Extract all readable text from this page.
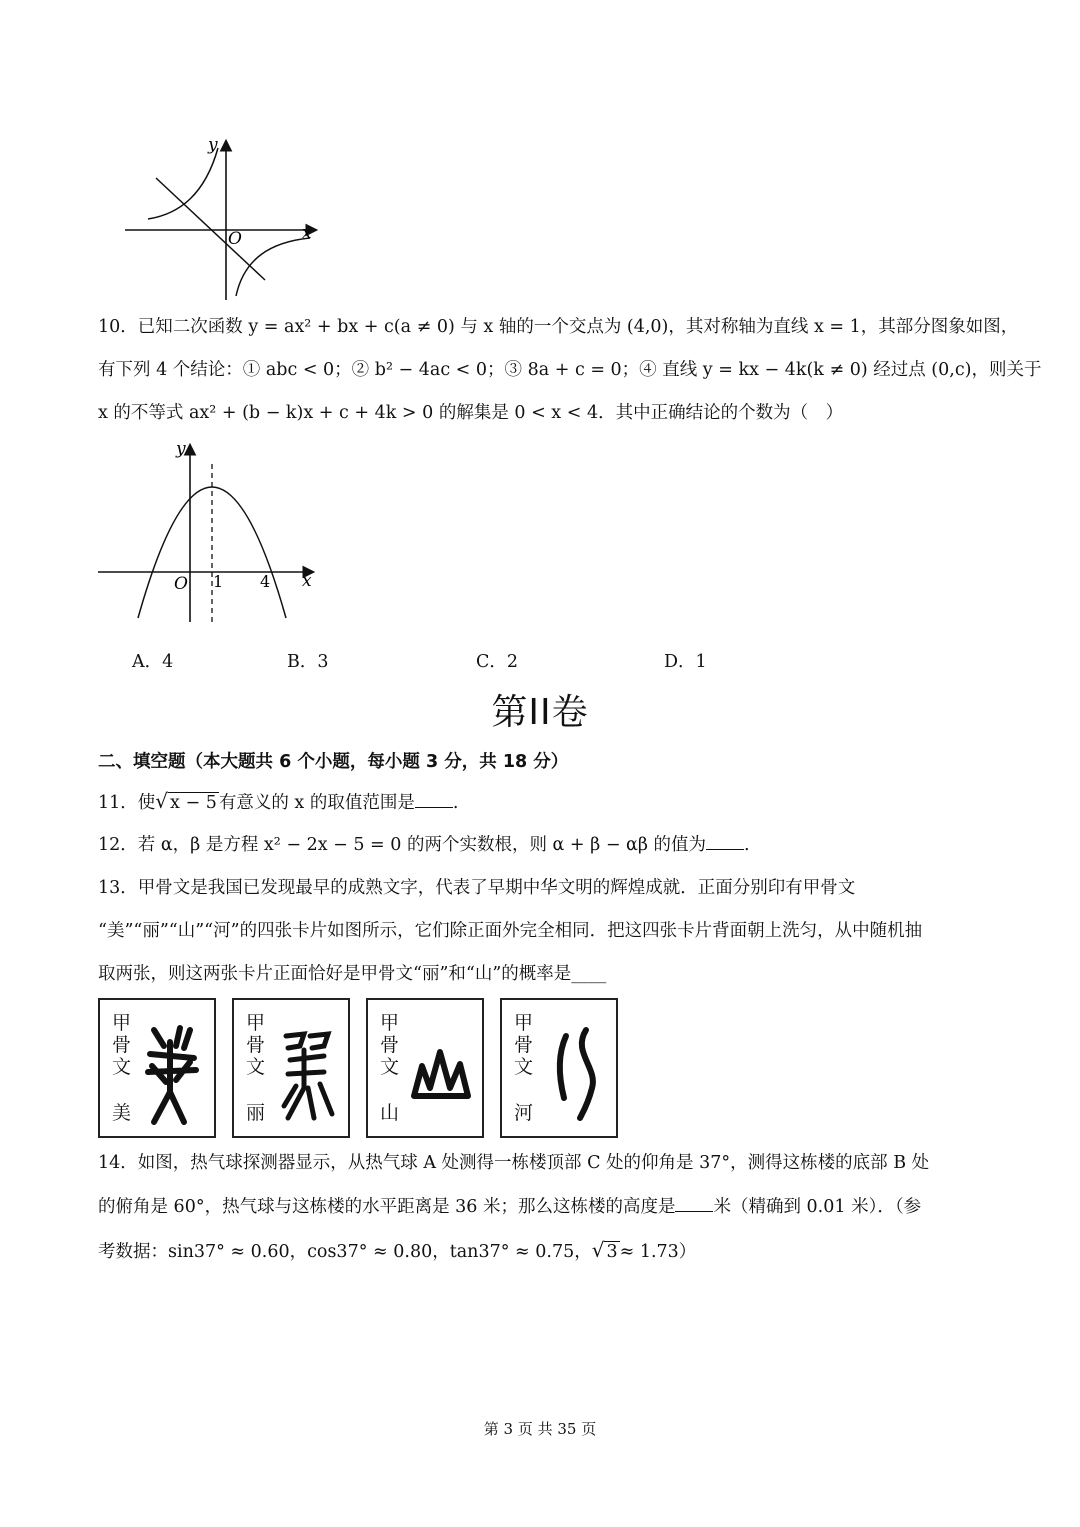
y
x
O
10．已知二次函数 y = ax² + bx + c(a ≠ 0) 与 x 轴的一个交点为 (4,0)，其对称轴为直线 x = 1，其部分图象如图，
有下列 4 个结论：① abc < 0；② b² − 4ac < 0；③ 8a + c = 0；④ 直线 y = kx − 4k(k ≠ 0) 经过点 (0,c)，则关于
x 的不等式 ax² + (b − k)x + c + 4k > 0 的解集是 0 < x < 4．其中正确结论的个数为（　）
y
x
O 1 4
A．4	B．3	C．2	D．1
第II卷
二、填空题（本大题共 6 个小题，每小题 3 分，共 18 分）
11．使√ x − 5 有意义的 x 的取值范围是 .
12．若 α，β 是方程 x² − 2x − 5 = 0 的两个实数根，则 α + β − αβ 的值为 .
13．甲骨文是我国已发现最早的成熟文字，代表了早期中华文明的辉煌成就．正面分别印有甲骨文
“美”“丽”“山”“河”的四张卡片如图所示，它们除正面外完全相同．把这四张卡片背面朝上洗匀，从中随机抽
取两张，则这两张卡片正面恰好是甲骨文“丽”和“山”的概率是____
甲
骨
文
美
甲
骨
文
丽
甲
骨
文
山
甲
骨
文
河
14．如图，热气球探测器显示，从热气球 A 处测得一栋楼顶部 C 处的仰角是 37°，测得这栋楼的底部 B 处
的俯角是 60°，热气球与这栋楼的水平距离是 36 米；那么这栋楼的高度是 米（精确到 0.01 米）．（参
考数据：sin37° ≈ 0.60，cos37° ≈ 0.80，tan37° ≈ 0.75，√ 3 ≈ 1.73）
第 3 页 共 35 页
